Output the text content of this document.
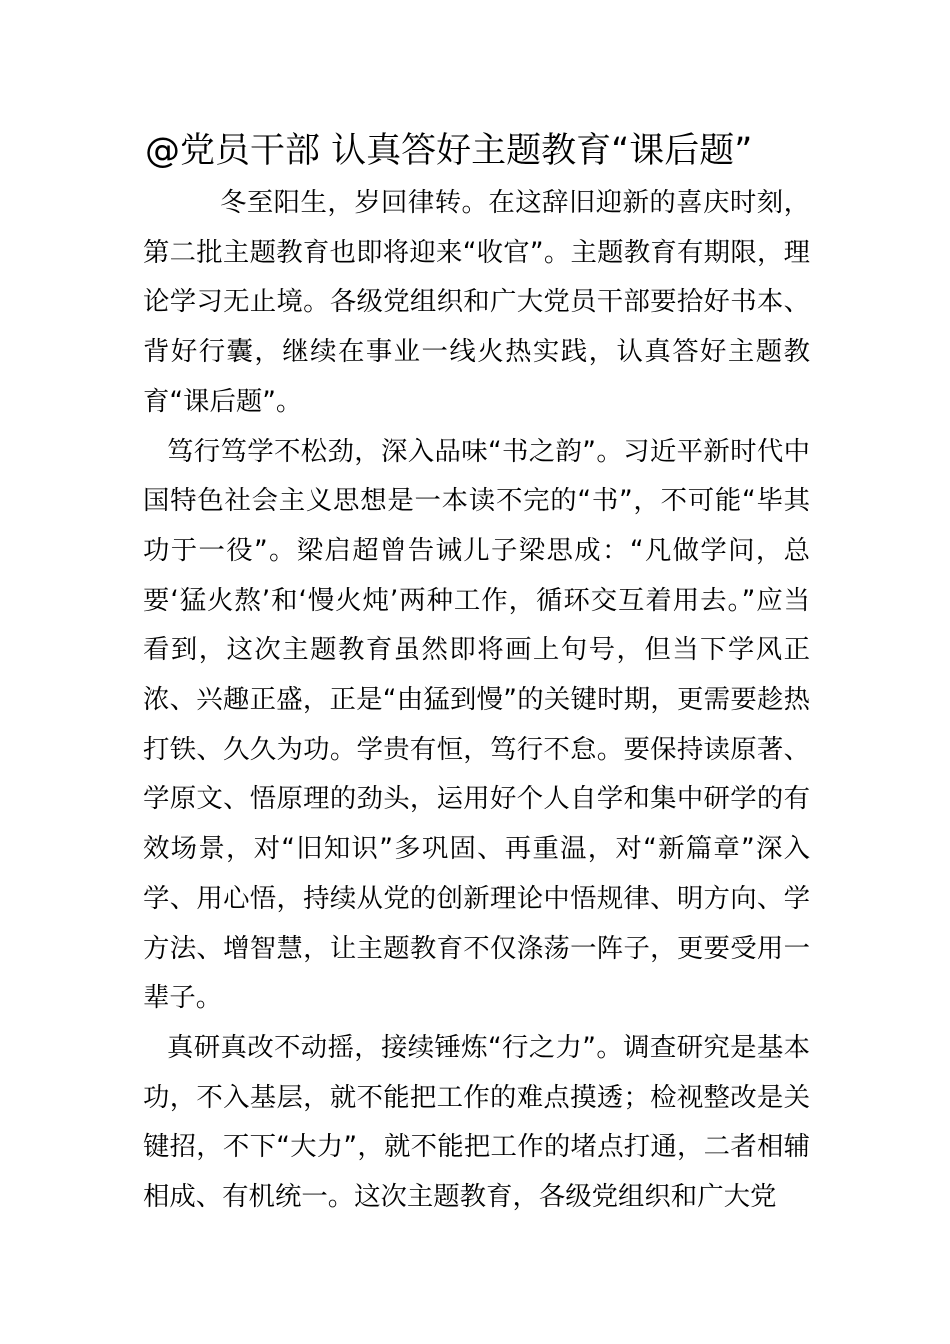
@党员干部 认真答好主题教育“课后题”

冬至阳生，岁回律转。在这辞旧迎新的喜庆时刻，第二批主题教育也即将迎来“收官”。主题教育有期限，理论学习无止境。各级党组织和广大党员干部要拾好书本、背好行囊，继续在事业一线火热实践，认真答好主题教育“课后题”。

笃行笃学不松劲，深入品味“书之韵”。习近平新时代中国特色社会主义思想是一本读不完的“书”，不可能“毕其功于一役”。梁启超曾告诫儿子梁思成：“凡做学问，总要‘猛火熬’和‘慢火炖’两种工作，循环交互着用去。”应当看到，这次主题教育虽然即将画上句号，但当下学风正浓、兴趣正盛，正是“由猛到慢”的关键时期，更需要趁热打铁、久久为功。学贵有恒，笃行不怠。要保持读原著、学原文、悟原理的劲头，运用好个人自学和集中研学的有效场景，对“旧知识”多巩固、再重温，对“新篇章”深入学、用心悟，持续从党的创新理论中悟规律、明方向、学方法、增智慧，让主题教育不仅涤荡一阵子，更要受用一辈子。

真研真改不动摇，接续锤炼“行之力”。调查研究是基本功，不入基层，就不能把工作的难点摸透；检视整改是关键招，不下“大力”，就不能把工作的堵点打通，二者相辅相成、有机统一。这次主题教育，各级党组织和广大党
